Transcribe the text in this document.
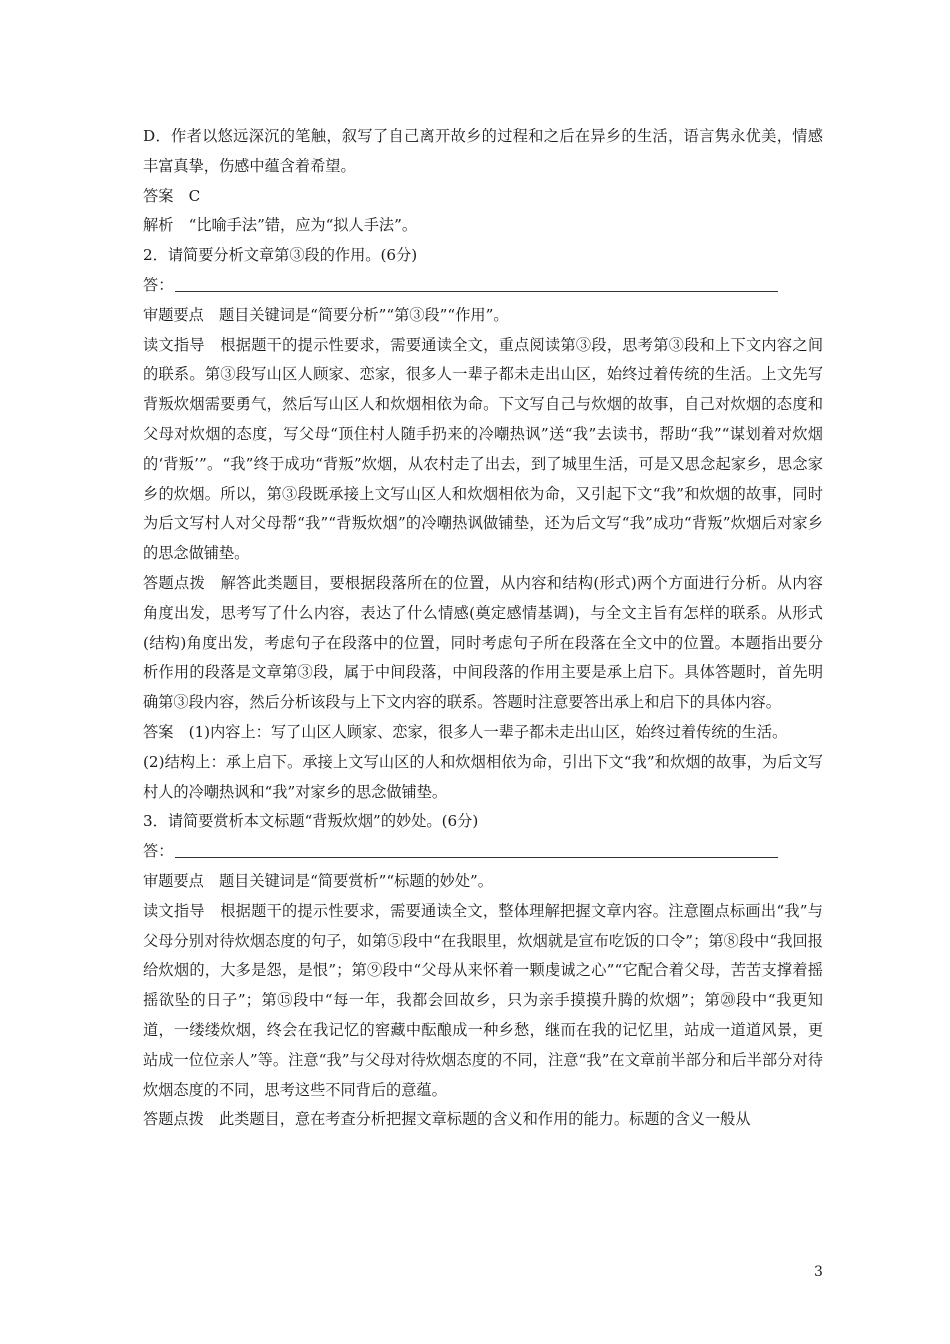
D．作者以悠远深沉的笔触，叙写了自己离开故乡的过程和之后在异乡的生活，语言隽永优美，情感丰富真挚，伤感中蕴含着希望。

答案　C

解析　“比喻手法”错，应为“拟人手法”。

2．请简要分析文章第③段的作用。(6分)

答：

审题要点　题目关键词是“简要分析”“第③段”“作用”。

读文指导　根据题干的提示性要求，需要通读全文，重点阅读第③段，思考第③段和上下文内容之间的联系。第③段写山区人顾家、恋家，很多人一辈子都未走出山区，始终过着传统的生活。上文先写背叛炊烟需要勇气，然后写山区人和炊烟相依为命。下文写自己与炊烟的故事，自己对炊烟的态度和父母对炊烟的态度，写父母“顶住村人随手扔来的冷嘲热讽”送“我”去读书，帮助“我”“谋划着对炊烟的‘背叛’”。“我”终于成功“背叛”炊烟，从农村走了出去，到了城里生活，可是又思念起家乡，思念家乡的炊烟。所以，第③段既承接上文写山区人和炊烟相依为命，又引起下文“我”和炊烟的故事，同时为后文写村人对父母帮“我”“背叛炊烟”的冷嘲热讽做铺垫，还为后文写“我”成功“背叛”炊烟后对家乡的思念做铺垫。

答题点拨　解答此类题目，要根据段落所在的位置，从内容和结构(形式)两个方面进行分析。从内容角度出发，思考写了什么内容，表达了什么情感(奠定感情基调)，与全文主旨有怎样的联系。从形式(结构)角度出发，考虑句子在段落中的位置，同时考虑句子所在段落在全文中的位置。本题指出要分析作用的段落是文章第③段，属于中间段落，中间段落的作用主要是承上启下。具体答题时，首先明确第③段内容，然后分析该段与上下文内容的联系。答题时注意要答出承上和启下的具体内容。

答案　(1)内容上：写了山区人顾家、恋家，很多人一辈子都未走出山区，始终过着传统的生活。

(2)结构上：承上启下。承接上文写山区的人和炊烟相依为命，引出下文“我”和炊烟的故事，为后文写村人的冷嘲热讽和“我”对家乡的思念做铺垫。

3．请简要赏析本文标题“背叛炊烟”的妙处。(6分)

答：

审题要点　题目关键词是“简要赏析”“标题的妙处”。

读文指导　根据题干的提示性要求，需要通读全文，整体理解把握文章内容。注意圈点标画出“我”与父母分别对待炊烟态度的句子，如第⑤段中“在我眼里，炊烟就是宣布吃饭的口令”；第⑧段中“我回报给炊烟的，大多是怨，是恨”；第⑨段中“父母从来怀着一颗虔诚之心”“它配合着父母，苦苦支撑着摇摇欲坠的日子”；第⑮段中“每一年，我都会回故乡，只为亲手摸摸升腾的炊烟”；第⑳段中“我更知道，一缕缕炊烟，终会在我记忆的窖藏中酝酿成一种乡愁，继而在我的记忆里，站成一道道风景，更站成一位位亲人”等。注意“我”与父母对待炊烟态度的不同，注意“我”在文章前半部分和后半部分对待炊烟态度的不同，思考这些不同背后的意蕴。

答题点拨　此类题目，意在考查分析把握文章标题的含义和作用的能力。标题的含义一般从

3
